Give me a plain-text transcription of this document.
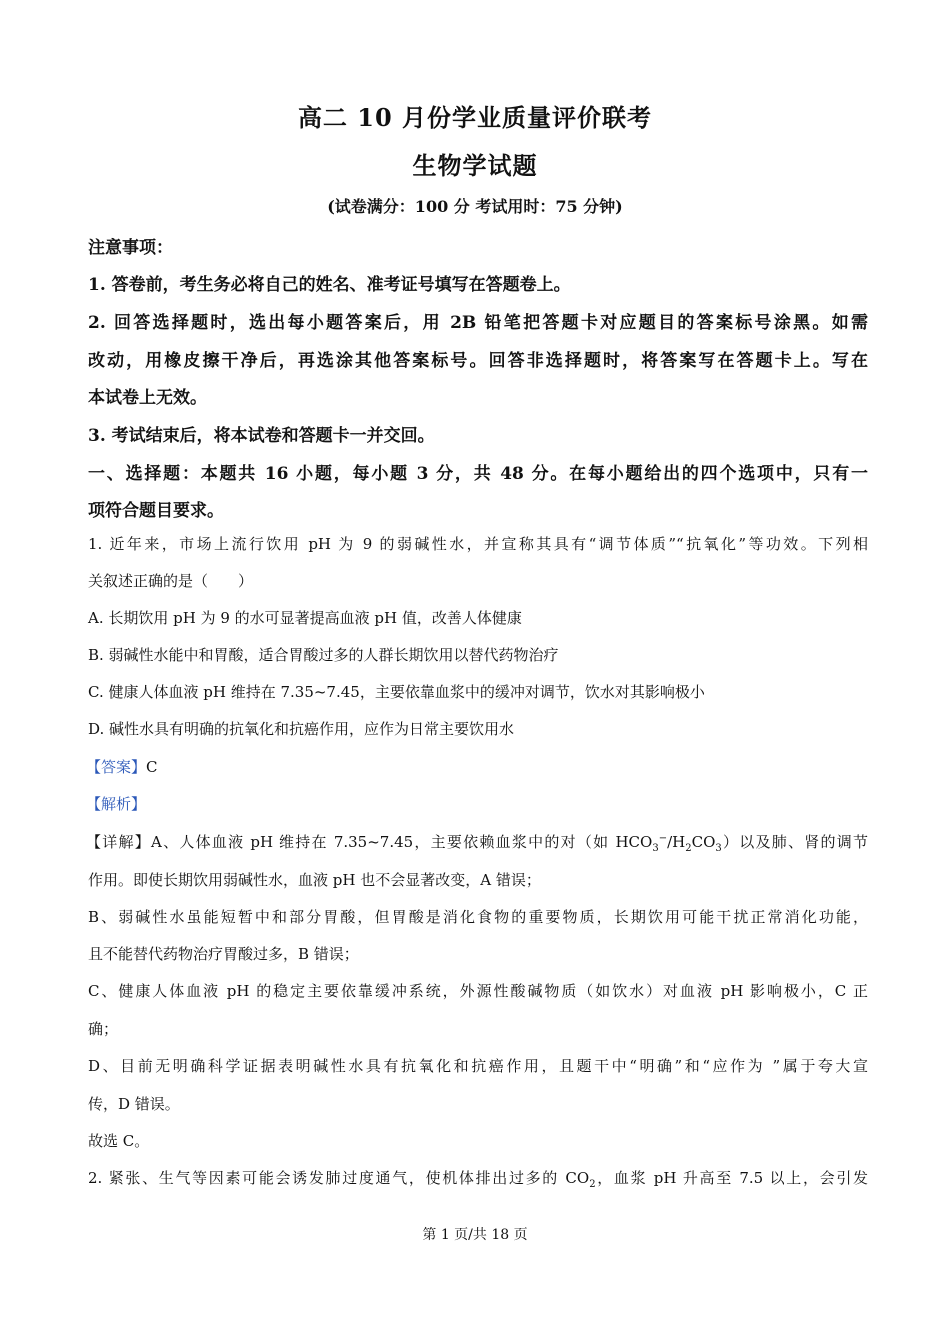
高二 10 月份学业质量评价联考
生物学试题
(试卷满分：100 分 考试用时：75 分钟)
注意事项：
1. 答卷前，考生务必将自己的姓名、准考证号填写在答题卷上。
2. 回答选择题时，选出每小题答案后，用 2B 铅笔把答题卡对应题目的答案标号涂黑。如需
改动，用橡皮擦干净后，再选涂其他答案标号。回答非选择题时，将答案写在答题卡上。写在
本试卷上无效。
3. 考试结束后，将本试卷和答题卡一并交回。
一、选择题：本题共 16 小题，每小题 3 分，共 48 分。在每小题给出的四个选项中，只有一
项符合题目要求。
1. 近年来，市场上流行饮用 pH 为 9 的弱碱性水，并宣称其具有“调节体质”“抗氧化”等功效。下列相
关叙述正确的是（　　）
A. 长期饮用 pH 为 9 的水可显著提高血液 pH 值，改善人体健康
B. 弱碱性水能中和胃酸，适合胃酸过多的人群长期饮用以替代药物治疗
C. 健康人体血液 pH 维持在 7.35~7.45，主要依靠血浆中的缓冲对调节，饮水对其影响极小
D. 碱性水具有明确的抗氧化和抗癌作用，应作为日常主要饮用水
【答案】C
【解析】
【详解】A、人体血液 pH 维持在 7.35~7.45，主要依赖血浆中的对（如 $HCO_3^-/H_2CO_3$）以及肺、肾的调节
作用。即使长期饮用弱碱性水，血液 pH 也不会显著改变，A 错误；
B、弱碱性水虽能短暂中和部分胃酸，但胃酸是消化食物的重要物质，长期饮用可能干扰正常消化功能，
且不能替代药物治疗胃酸过多，B 错误；
C、健康人体血液 pH 的稳定主要依靠缓冲系统，外源性酸碱物质（如饮水）对血液 pH 影响极小，C 正
确；
D、目前无明确科学证据表明碱性水具有抗氧化和抗癌作用，且题干中“明确”和“应作为 ”属于夸大宣
传，D 错误。
故选 C。
2. 紧张、生气等因素可能会诱发肺过度通气，使机体排出过多的 $CO_2$，血浆 pH 升高至 7.5 以上，会引发
第 1 页/共 18 页
